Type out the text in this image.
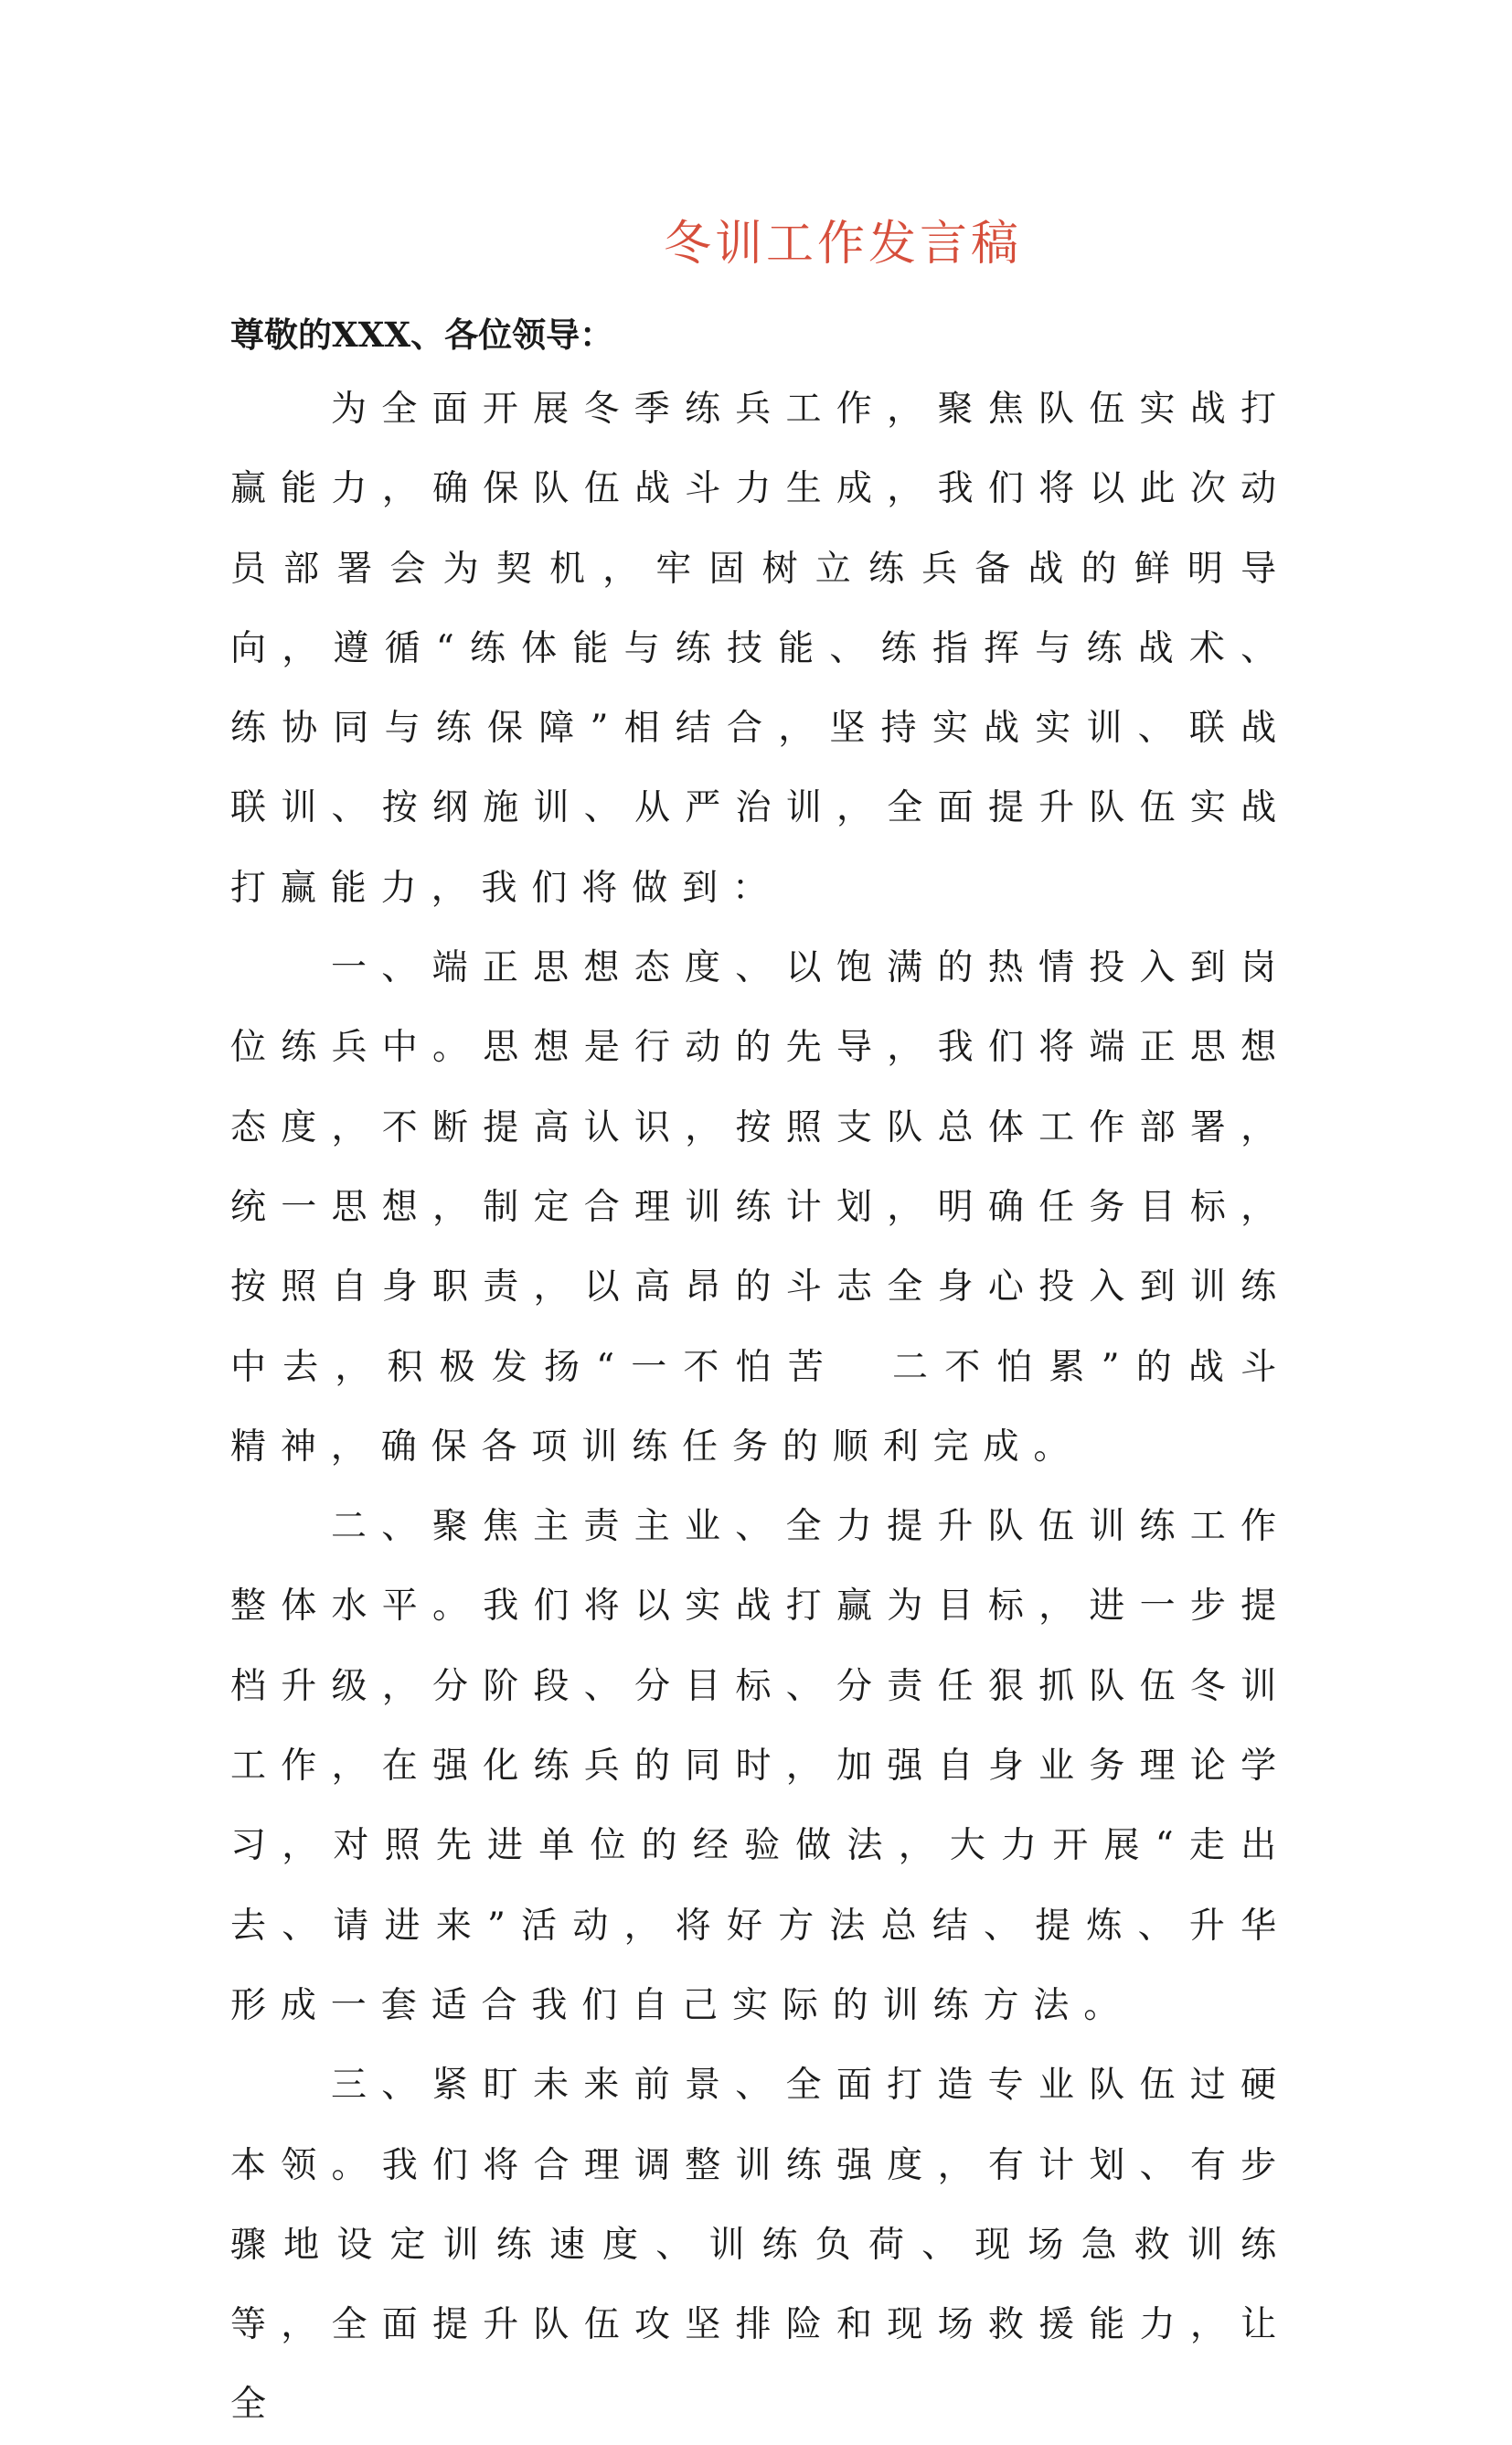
冬训工作发言稿

尊敬的XXX、各位领导：

为全面开展冬季练兵工作，聚焦队伍实战打赢能力，确保队伍战斗力生成，我们将以此次动员部署会为契机，牢固树立练兵备战的鲜明导向，遵循“练体能与练技能、练指挥与练战术、练协同与练保障”相结合，坚持实战实训、联战联训、按纲施训、从严治训，全面提升队伍实战打赢能力，我们将做到：

一、端正思想态度、以饱满的热情投入到岗位练兵中。思想是行动的先导，我们将端正思想态度，不断提高认识，按照支队总体工作部署，统一思想，制定合理训练计划，明确任务目标，按照自身职责，以高昂的斗志全身心投入到训练中去，积极发扬“一不怕苦　二不怕累”的战斗精神，确保各项训练任务的顺利完成。

二、聚焦主责主业、全力提升队伍训练工作整体水平。我们将以实战打赢为目标，进一步提档升级，分阶段、分目标、分责任狠抓队伍冬训工作，在强化练兵的同时，加强自身业务理论学习，对照先进单位的经验做法，大力开展“走出去、请进来”活动，将好方法总结、提炼、升华形成一套适合我们自己实际的训练方法。

三、紧盯未来前景、全面打造专业队伍过硬本领。我们将合理调整训练强度，有计划、有步骤地设定训练速度、训练负荷、现场急救训练等，全面提升队伍攻坚排险和现场救援能力，让全
